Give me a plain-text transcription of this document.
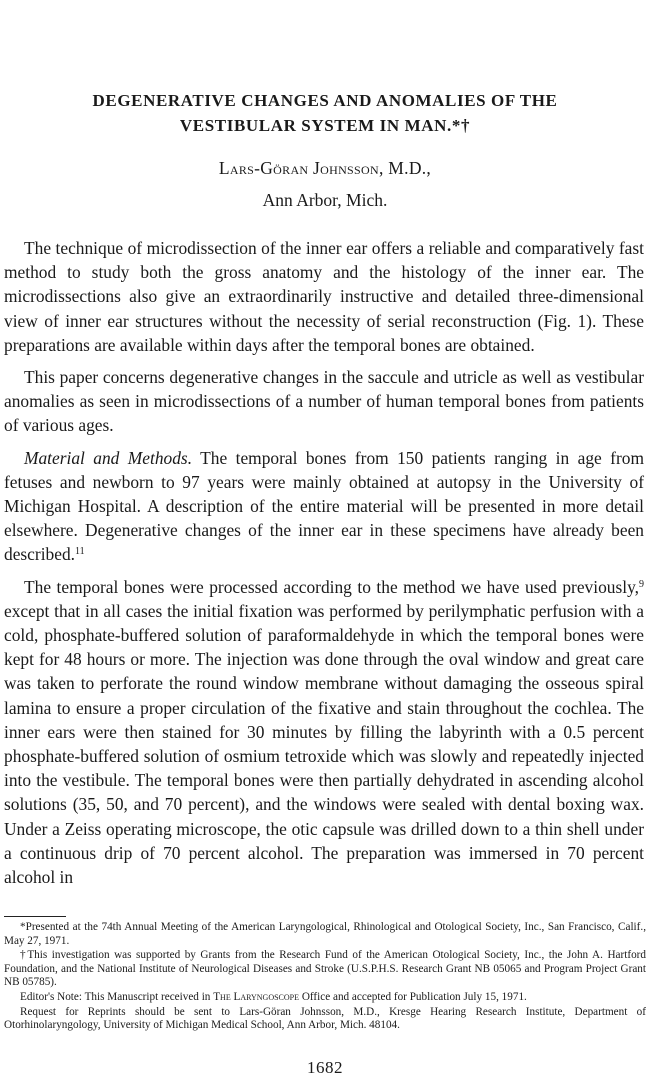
DEGENERATIVE CHANGES AND ANOMALIES OF THE
VESTIBULAR SYSTEM IN MAN.*†
Lars-Göran Johnsson, M.D.,
Ann Arbor, Mich.

The technique of microdissection of the inner ear offers a reliable and comparatively fast method to study both the gross anatomy and the histology of the inner ear. The microdissections also give an extraordinarily instructive and detailed three-dimensional view of inner ear structures without the necessity of serial reconstruction (Fig. 1). These preparations are available within days after the temporal bones are obtained.

This paper concerns degenerative changes in the saccule and utricle as well as vestibular anomalies as seen in microdissections of a number of human temporal bones from patients of various ages.

Material and Methods. The temporal bones from 150 patients ranging in age from fetuses and newborn to 97 years were mainly obtained at autopsy in the University of Michigan Hospital. A description of the entire material will be presented in more detail elsewhere. Degenerative changes of the inner ear in these specimens have already been described.$^{11}$

The temporal bones were processed according to the method we have used previously,$^9$ except that in all cases the initial fixation was performed by perilymphatic perfusion with a cold, phosphate-buffered solution of paraformaldehyde in which the temporal bones were kept for 48 hours or more. The injection was done through the oval window and great care was taken to perforate the round window membrane without damaging the osseous spiral lamina to ensure a proper circulation of the fixative and stain throughout the cochlea. The inner ears were then stained for 30 minutes by filling the labyrinth with a 0.5 percent phosphate-buffered solution of osmium tetroxide which was slowly and repeatedly injected into the vestibule. The temporal bones were then partially dehydrated in ascending alcohol solutions (35, 50, and 70 percent), and the windows were sealed with dental boxing wax. Under a Zeiss operating microscope, the otic capsule was drilled down to a thin shell under a continuous drip of 70 percent alcohol. The preparation was immersed in 70 percent alcohol in

*Presented at the 74th Annual Meeting of the American Laryngological, Rhinological and Otological Society, Inc., San Francisco, Calif., May 27, 1971.

†This investigation was supported by Grants from the Research Fund of the American Otological Society, Inc., the John A. Hartford Foundation, and the National Institute of Neurological Diseases and Stroke (U.S.P.H.S. Research Grant NB 05065 and Program Project Grant NB 05785).

Editor's Note: This Manuscript received in The Laryngoscope Office and accepted for Publication July 15, 1971.

Request for Reprints should be sent to Lars-Göran Johnsson, M.D., Kresge Hearing Research Institute, Department of Otorhinolaryngology, University of Michigan Medical School, Ann Arbor, Mich. 48104.

1682
